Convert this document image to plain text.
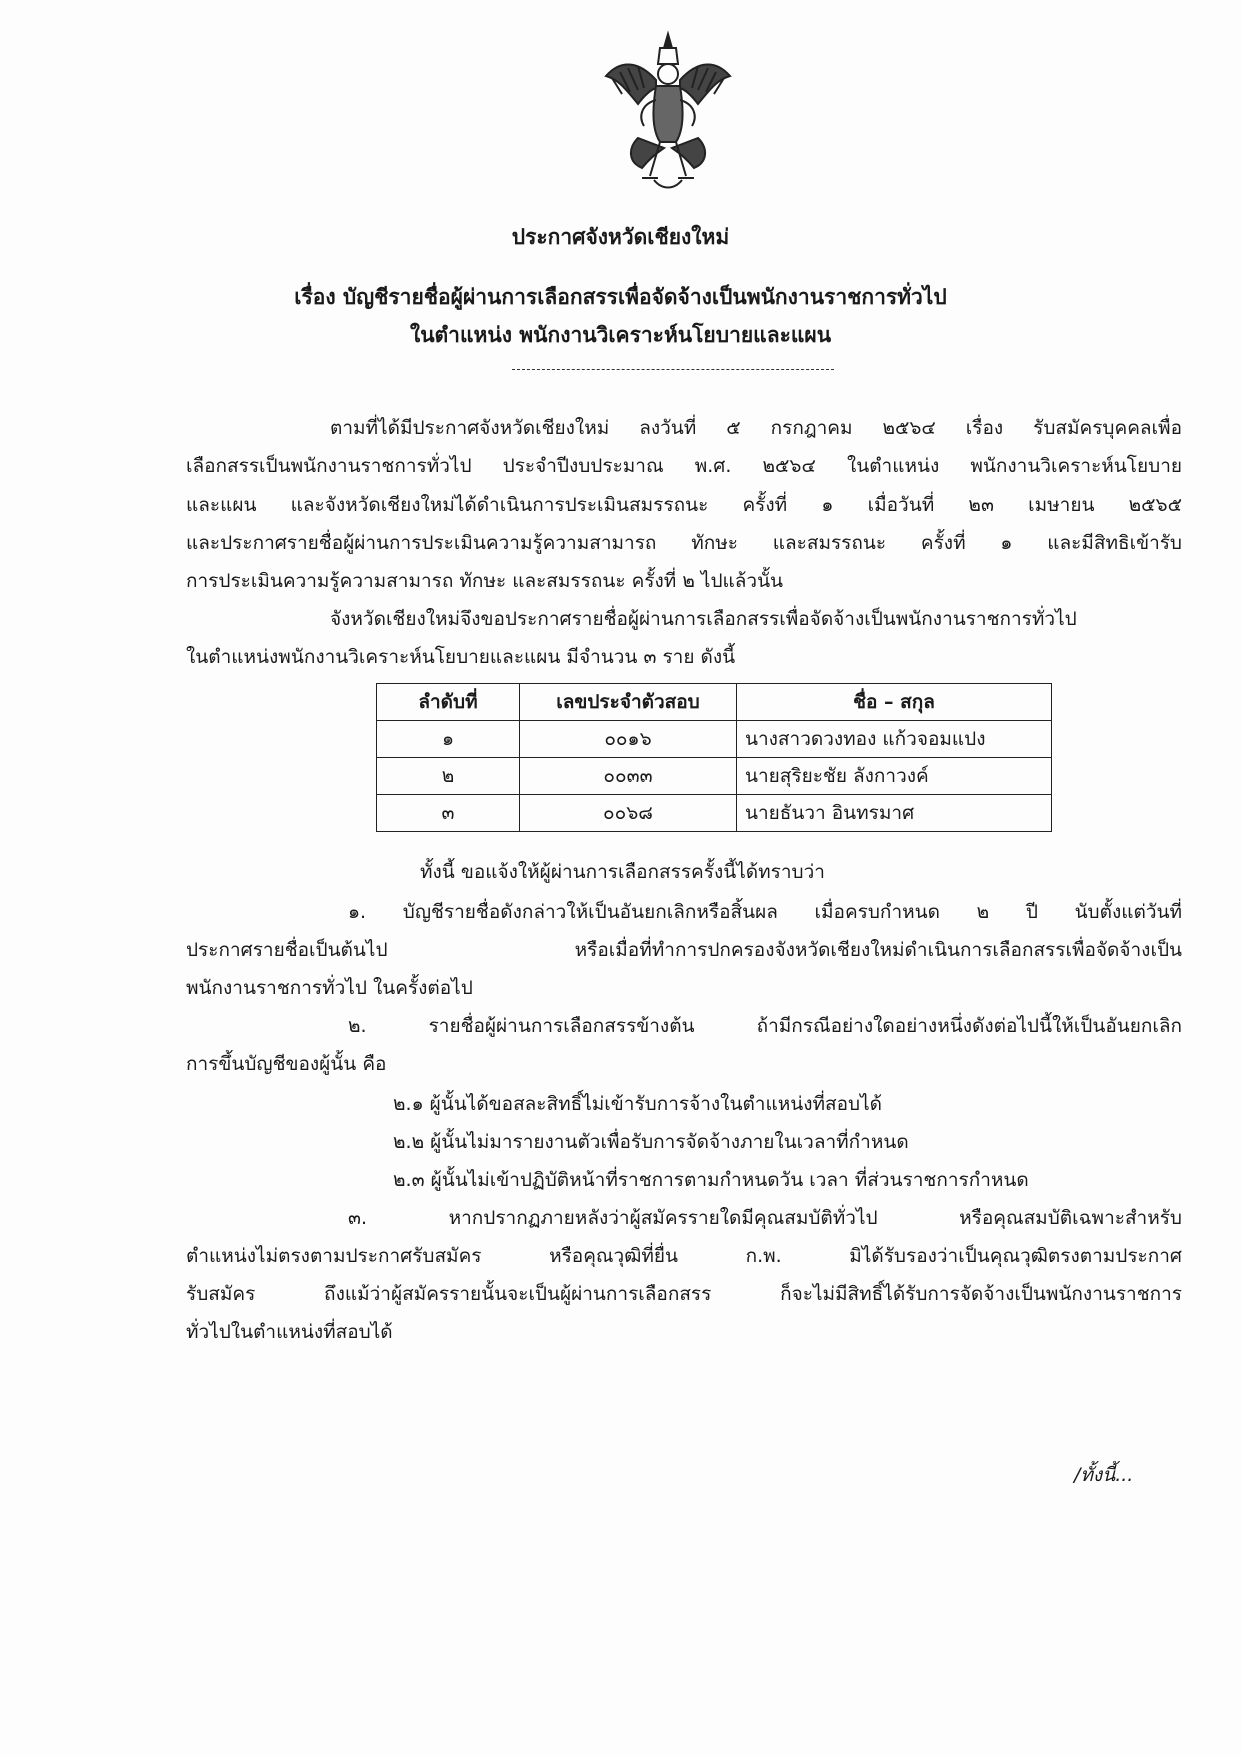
ประกาศจังหวัดเชียงใหม่
เรื่อง บัญชีรายชื่อผู้ผ่านการเลือกสรรเพื่อจัดจ้างเป็นพนักงานราชการทั่วไป
ในตำแหน่ง พนักงานวิเคราะห์นโยบายและแผน
ตามที่ได้มีประกาศจังหวัดเชียงใหม่ ลงวันที่ ๕ กรกฎาคม ๒๕๖๔ เรื่อง รับสมัครบุคคลเพื่อ
เลือกสรรเป็นพนักงานราชการทั่วไป ประจำปีงบประมาณ พ.ศ. ๒๕๖๔ ในตำแหน่ง พนักงานวิเคราะห์นโยบาย
และแผน และจังหวัดเชียงใหม่ได้ดำเนินการประเมินสมรรถนะ ครั้งที่ ๑ เมื่อวันที่ ๒๓ เมษายน ๒๕๖๕
และประกาศรายชื่อผู้ผ่านการประเมินความรู้ความสามารถ ทักษะ และสมรรถนะ ครั้งที่ ๑ และมีสิทธิเข้ารับ
การประเมินความรู้ความสามารถ ทักษะ และสมรรถนะ ครั้งที่ ๒ ไปแล้วนั้น
จังหวัดเชียงใหม่จึงขอประกาศรายชื่อผู้ผ่านการเลือกสรรเพื่อจัดจ้างเป็นพนักงานราชการทั่วไป
ในตำแหน่งพนักงานวิเคราะห์นโยบายและแผน มีจำนวน ๓ ราย ดังนี้
ลำดับที่	เลขประจำตัวสอบ	ชื่อ – สกุล
๑	๐๐๑๖	นางสาวดวงทอง แก้วจอมแปง
๒	๐๐๓๓	นายสุริยะชัย ลังกาวงค์
๓	๐๐๖๘	นายธันวา อินทรมาศ
ทั้งนี้ ขอแจ้งให้ผู้ผ่านการเลือกสรรครั้งนี้ได้ทราบว่า
๑. บัญชีรายชื่อดังกล่าวให้เป็นอันยกเลิกหรือสิ้นผล เมื่อครบกำหนด ๒ ปี นับตั้งแต่วันที่
ประกาศรายชื่อเป็นต้นไป หรือเมื่อที่ทำการปกครองจังหวัดเชียงใหม่ดำเนินการเลือกสรรเพื่อจัดจ้างเป็น
พนักงานราชการทั่วไป ในครั้งต่อไป
๒. รายชื่อผู้ผ่านการเลือกสรรข้างต้น ถ้ามีกรณีอย่างใดอย่างหนึ่งดังต่อไปนี้ให้เป็นอันยกเลิก
การขึ้นบัญชีของผู้นั้น คือ
๒.๑ ผู้นั้นได้ขอสละสิทธิ์ไม่เข้ารับการจ้างในตำแหน่งที่สอบได้
๒.๒ ผู้นั้นไม่มารายงานตัวเพื่อรับการจัดจ้างภายในเวลาที่กำหนด
๒.๓ ผู้นั้นไม่เข้าปฏิบัติหน้าที่ราชการตามกำหนดวัน เวลา ที่ส่วนราชการกำหนด
๓. หากปรากฏภายหลังว่าผู้สมัครรายใดมีคุณสมบัติทั่วไป หรือคุณสมบัติเฉพาะสำหรับ
ตำแหน่งไม่ตรงตามประกาศรับสมัคร หรือคุณวุฒิที่ยื่น ก.พ. มิได้รับรองว่าเป็นคุณวุฒิตรงตามประกาศ
รับสมัคร ถึงแม้ว่าผู้สมัครรายนั้นจะเป็นผู้ผ่านการเลือกสรร ก็จะไม่มีสิทธิ์ได้รับการจัดจ้างเป็นพนักงานราชการ
ทั่วไปในตำแหน่งที่สอบได้
/ทั้งนี้...
